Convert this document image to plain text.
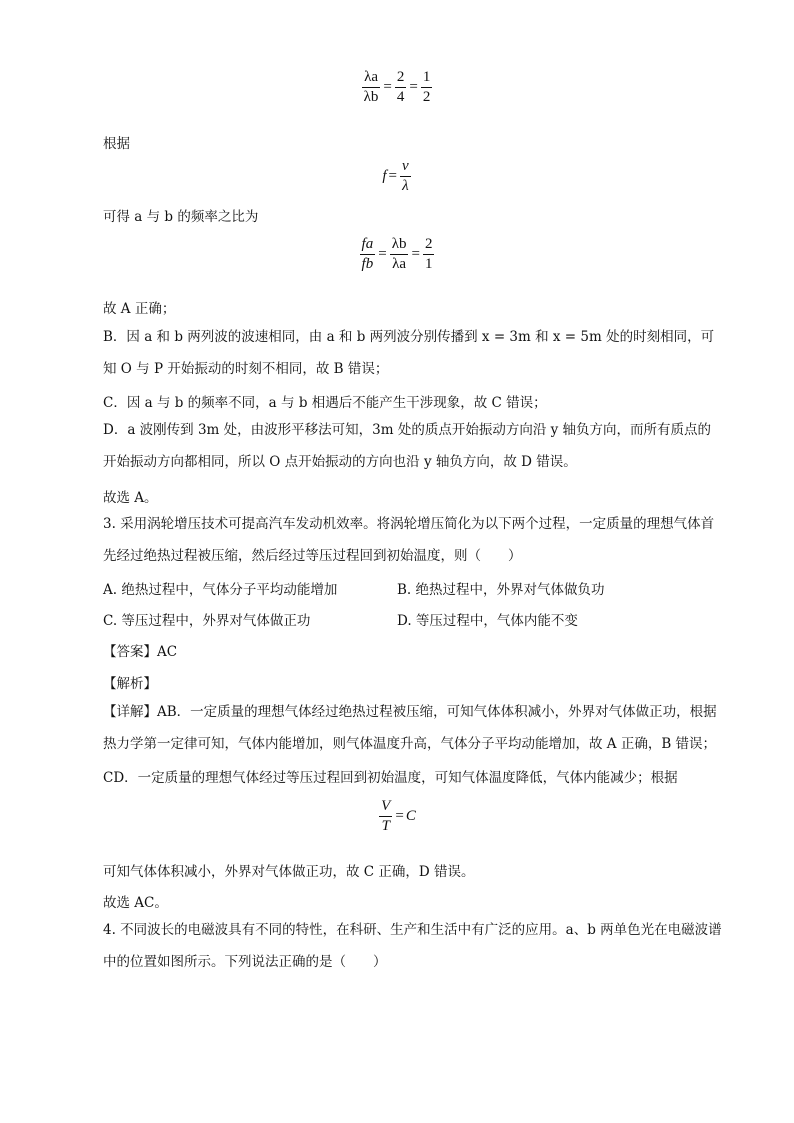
$\frac{\lambda a}{\lambda b} = \frac{2}{4} = \frac{1}{2}$
根据
$f = \frac{v}{\lambda}$
可得 a 与 b 的频率之比为
$\frac{fa}{fb} = \frac{\lambda b}{\lambda a} = \frac{2}{1}$
故 A 正确；
B．因 a 和 b 两列波的波速相同，由 a 和 b 两列波分别传播到 x = 3m 和 x = 5m 处的时刻相同，可知 O 与 P 开始振动的时刻不相同，故 B 错误；
C．因 a 与 b 的频率不同，a 与 b 相遇后不能产生干涉现象，故 C 错误；
D．a 波刚传到 3m 处，由波形平移法可知，3m 处的质点开始振动方向沿 y 轴负方向，而所有质点的开始振动方向都相同，所以 O 点开始振动的方向也沿 y 轴负方向，故 D 错误。
故选 A。
3. 采用涡轮增压技术可提高汽车发动机效率。将涡轮增压简化为以下两个过程，一定质量的理想气体首先经过绝热过程被压缩，然后经过等压过程回到初始温度，则（　　）
A. 绝热过程中，气体分子平均动能增加	B. 绝热过程中，外界对气体做负功
C. 等压过程中，外界对气体做正功	D. 等压过程中，气体内能不变
【答案】AC
【解析】
【详解】AB．一定质量的理想气体经过绝热过程被压缩，可知气体体积减小，外界对气体做正功，根据热力学第一定律可知，气体内能增加，则气体温度升高，气体分子平均动能增加，故 A 正确，B 错误；
CD．一定质量的理想气体经过等压过程回到初始温度，可知气体温度降低，气体内能减少；根据
$\frac{V}{T} = C$
可知气体体积减小，外界对气体做正功，故 C 正确，D 错误。
故选 AC。
4. 不同波长的电磁波具有不同的特性，在科研、生产和生活中有广泛的应用。a、b 两单色光在电磁波谱中的位置如图所示。下列说法正确的是（　　）
